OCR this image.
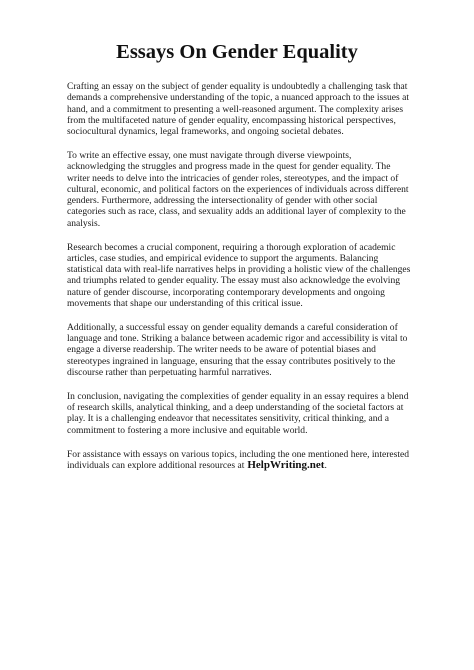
Essays On Gender Equality

Crafting an essay on the subject of gender equality is undoubtedly a challenging task that demands a comprehensive understanding of the topic, a nuanced approach to the issues at hand, and a commitment to presenting a well-reasoned argument. The complexity arises from the multifaceted nature of gender equality, encompassing historical perspectives, sociocultural dynamics, legal frameworks, and ongoing societal debates.

To write an effective essay, one must navigate through diverse viewpoints, acknowledging the struggles and progress made in the quest for gender equality. The writer needs to delve into the intricacies of gender roles, stereotypes, and the impact of cultural, economic, and political factors on the experiences of individuals across different genders. Furthermore, addressing the intersectionality of gender with other social categories such as race, class, and sexuality adds an additional layer of complexity to the analysis.

Research becomes a crucial component, requiring a thorough exploration of academic articles, case studies, and empirical evidence to support the arguments. Balancing statistical data with real-life narratives helps in providing a holistic view of the challenges and triumphs related to gender equality. The essay must also acknowledge the evolving nature of gender discourse, incorporating contemporary developments and ongoing movements that shape our understanding of this critical issue.

Additionally, a successful essay on gender equality demands a careful consideration of language and tone. Striking a balance between academic rigor and accessibility is vital to engage a diverse readership. The writer needs to be aware of potential biases and stereotypes ingrained in language, ensuring that the essay contributes positively to the discourse rather than perpetuating harmful narratives.

In conclusion, navigating the complexities of gender equality in an essay requires a blend of research skills, analytical thinking, and a deep understanding of the societal factors at play. It is a challenging endeavor that necessitates sensitivity, critical thinking, and a commitment to fostering a more inclusive and equitable world.

For assistance with essays on various topics, including the one mentioned here, interested individuals can explore additional resources at HelpWriting.net.
